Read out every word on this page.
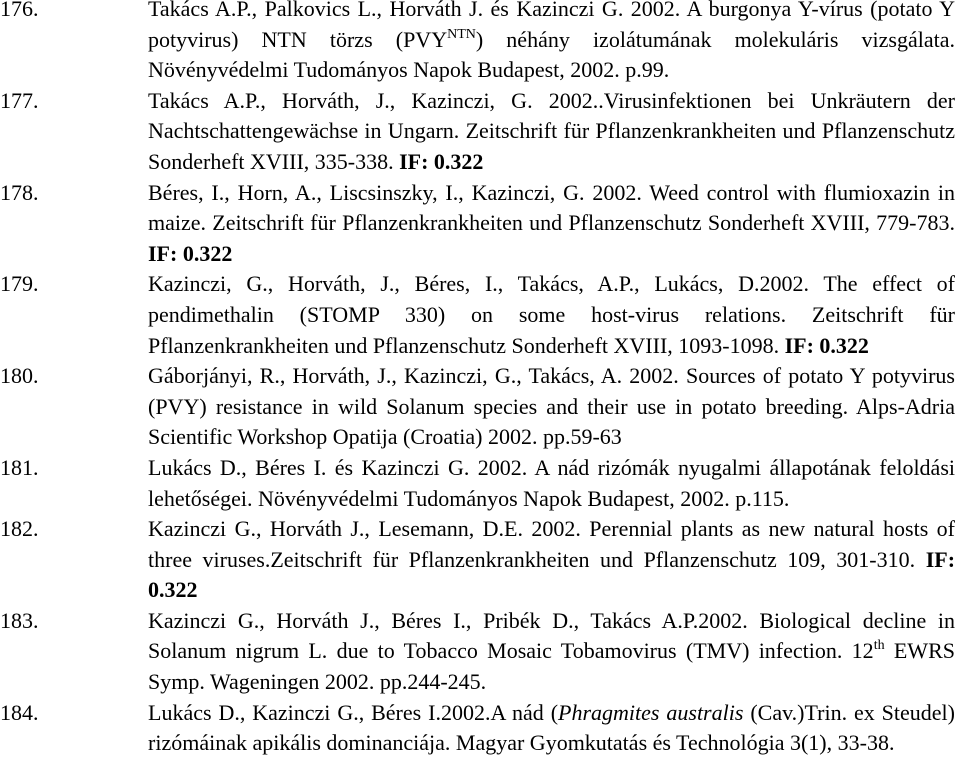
176.	Takács A.P., Palkovics L., Horváth J. és Kazinczi G. 2002. A burgonya Y-vírus (potato Y potyvirus) NTN törzs $(PVY^{NTN})$ néhány izolátumának molekuláris vizsgálata. Növényvédelmi Tudományos Napok Budapest, 2002. p.99.

177.	Takács A.P., Horváth, J., Kazinczi, G. 2002..Virusinfektionen bei Unkräutern der Nachtschattengewächse in Ungarn. Zeitschrift für Pflanzenkrankheiten und Pflanzenschutz Sonderheft XVIII, 335-338. IF: 0.322

178.	Béres, I., Horn, A., Liscsinszky, I., Kazinczi, G. 2002. Weed control with flumioxazin in maize. Zeitschrift für Pflanzenkrankheiten und Pflanzenschutz Sonderheft XVIII, 779-783. IF: 0.322

179.	Kazinczi, G., Horváth, J., Béres, I., Takács, A.P., Lukács, D.2002. The effect of pendimethalin (STOMP 330) on some host-virus relations. Zeitschrift für Pflanzenkrankheiten und Pflanzenschutz Sonderheft XVIII, 1093-1098. IF: 0.322

180.	Gáborjányi, R., Horváth, J., Kazinczi, G., Takács, A. 2002. Sources of potato Y potyvirus (PVY) resistance in wild Solanum species and their use in potato breeding. Alps-Adria Scientific Workshop Opatija (Croatia) 2002. pp.59-63

181.	Lukács D., Béres I. és Kazinczi G. 2002. A nád rizómák nyugalmi állapotának feloldási lehetőségei. Növényvédelmi Tudományos Napok Budapest, 2002. p.115.

182.	Kazinczi G., Horváth J., Lesemann, D.E. 2002. Perennial plants as new natural hosts of three viruses.Zeitschrift für Pflanzenkrankheiten und Pflanzenschutz 109, 301-310. IF: 0.322

183.	Kazinczi G., Horváth J., Béres I., Pribék D., Takács A.P.2002. Biological decline in Solanum nigrum L. due to Tobacco Mosaic Tobamovirus (TMV) infection. 12th EWRS Symp. Wageningen 2002. pp.244-245.

184.	Lukács D., Kazinczi G., Béres I.2002.A nád (Phragmites australis (Cav.)Trin. ex Steudel) rizómáinak apikális dominanciája. Magyar Gyomkutatás és Technológia 3(1), 33-38.
